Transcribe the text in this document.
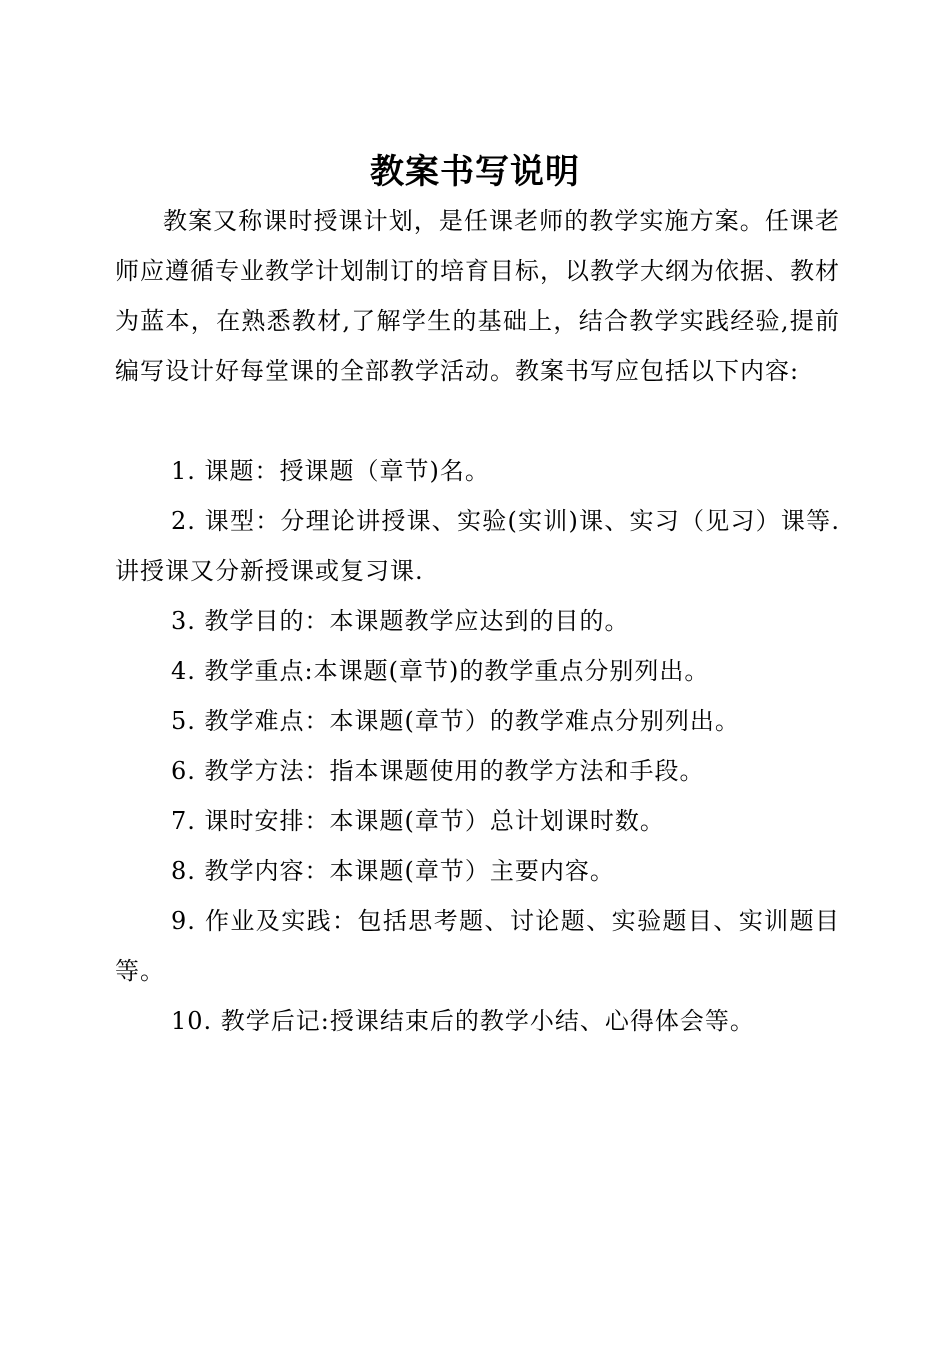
教案书写说明
教案又称课时授课计划，是任课老师的教学实施方案。任课老师应遵循专业教学计划制订的培育目标，以教学大纲为依据、教材为蓝本，在熟悉教材,了解学生的基础上，结合教学实践经验,提前编写设计好每堂课的全部教学活动。教案书写应包括以下内容:

1. 课题：授课题（章节)名。

2. 课型：分理论讲授课、实验(实训)课、实习（见习）课等.讲授课又分新授课或复习课.

3. 教学目的：本课题教学应达到的目的。

4. 教学重点:本课题(章节)的教学重点分别列出。

5. 教学难点：本课题(章节）的教学难点分别列出。

6. 教学方法：指本课题使用的教学方法和手段。

7. 课时安排：本课题(章节）总计划课时数。

8. 教学内容：本课题(章节）主要内容。

9. 作业及实践：包括思考题、讨论题、实验题目、实训题目等。

10. 教学后记:授课结束后的教学小结、心得体会等。
